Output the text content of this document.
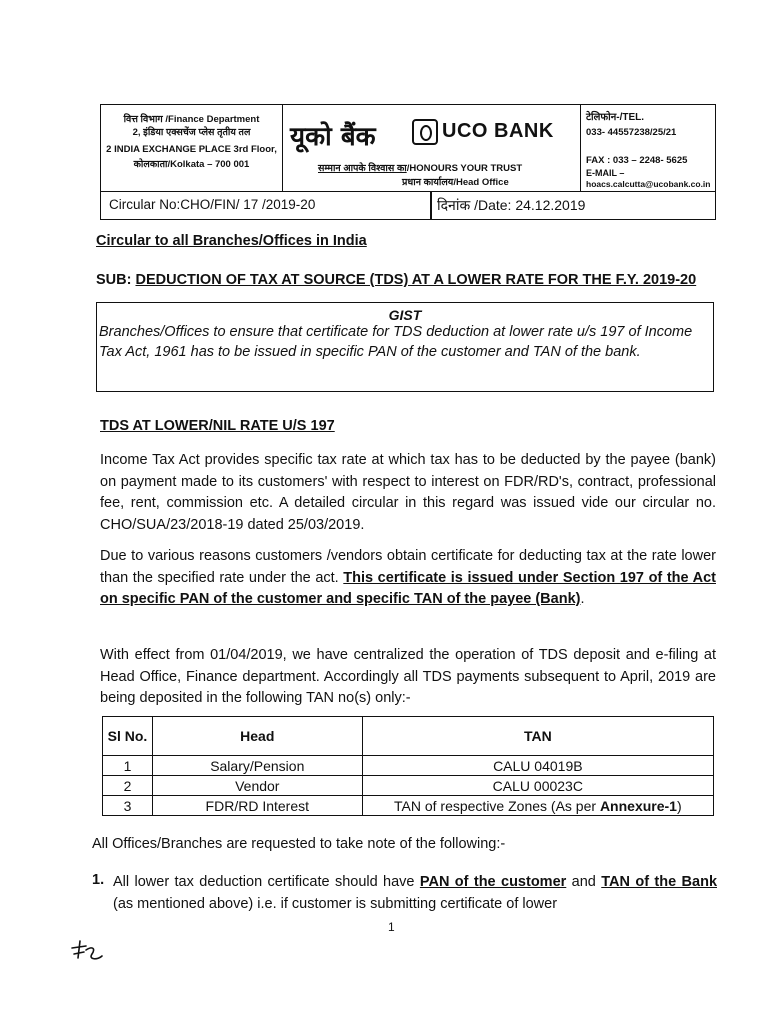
वित्त विभाग /Finance Department
2, इंडिया एक्सचेंज प्लेस तृतीय तल
2 INDIA EXCHANGE PLACE 3rd Floor,
कोलकाता/Kolkata – 700 001
यूको बैंक	UCO BANK
सम्मान आपके विश्वास का/HONOURS YOUR TRUST
प्रधान कार्यालय/Head Office
टेलिफोन-/TEL.
033- 44557238/25/21
FAX : 033 – 2248- 5625
E-MAIL –
hoacs.calcutta@ucobank.co.in
Circular No:CHO/FIN/ 17 /2019-20	दिनांक /Date: 24.12.2019
Circular to all Branches/Offices in India
SUB: DEDUCTION OF TAX AT SOURCE (TDS) AT A LOWER RATE FOR THE F.Y. 2019-20
GIST
Branches/Offices to ensure that certificate for TDS deduction at lower rate u/s 197 of Income Tax Act, 1961 has to be issued in specific PAN of the customer and TAN of the bank.
TDS AT LOWER/NIL RATE U/S 197
Income Tax Act provides specific tax rate at which tax has to be deducted by the payee (bank) on payment made to its customers' with respect to interest on FDR/RD's, contract, professional fee, rent, commission etc. A detailed circular in this regard was issued vide our circular no. CHO/SUA/23/2018-19 dated 25/03/2019.
Due to various reasons customers /vendors obtain certificate for deducting tax at the rate lower than the specified rate under the act. This certificate is issued under Section 197 of the Act on specific PAN of the customer and specific TAN of the payee (Bank).
With effect from 01/04/2019, we have centralized the operation of TDS deposit and e-filing at Head Office, Finance department. Accordingly all TDS payments subsequent to April, 2019 are being deposited in the following TAN no(s) only:-
Sl No.	Head	TAN
1	Salary/Pension	CALU 04019B
2	Vendor	CALU 00023C
3	FDR/RD Interest	TAN of respective Zones (As per Annexure-1)
All Offices/Branches are requested to take note of the following:-
1. All lower tax deduction certificate should have PAN of the customer and TAN of the Bank (as mentioned above) i.e. if customer is submitting certificate of lower
1
